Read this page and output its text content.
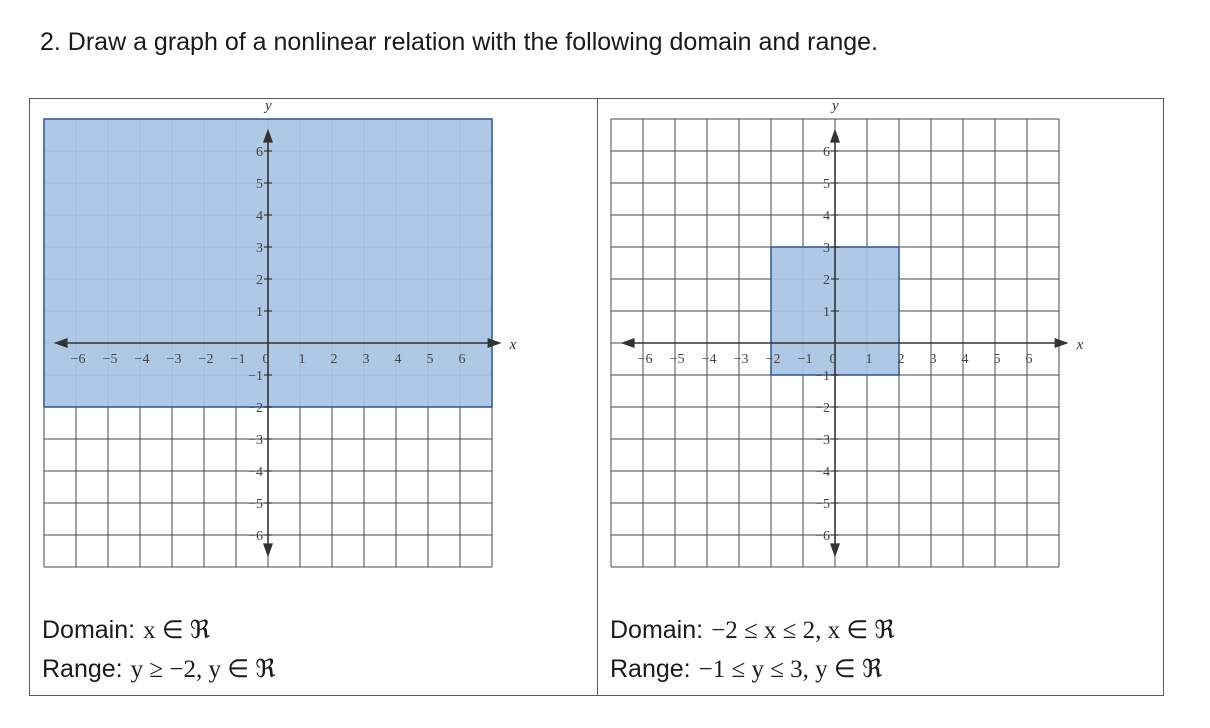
2. Draw a graph of a nonlinear relation with the following domain and range.
x
y
−6 −5 −4 −3 −2 −1 0 1 2 3 4 5 6
−6
−5
−4
−3
−2
−1
1
2
3
4
5
6
Domain: x ∈ ℜ
Range: y ≥ −2, y ∈ ℜ
x
y
−6 −5 −4 −3 −2 −1 0 1 2 3 4 5 6
−6
−5
−4
−3
−2
−1
1
2
3
4
5
6
Domain: −2 ≤ x ≤ 2, x ∈ ℜ
Range: −1 ≤ y ≤ 3, y ∈ ℜ
